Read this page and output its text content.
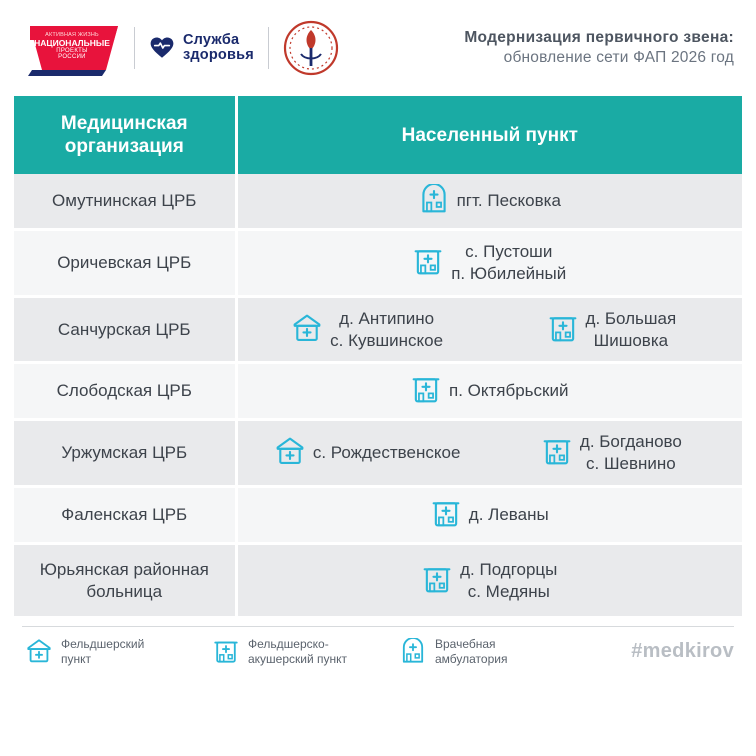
АКТИВНАЯ ЖИЗНЬ
НАЦИОНАЛЬНЫЕ
ПРОЕКТЫ
РОССИИ
Служба
здоровья
Модернизация первичного звена:
обновление сети ФАП 2026 год
Медицинская организация	Населенный пункт
Омутнинская ЦРБ	пгт. Песковка

Оричевская ЦРБ	с. Пустоши
п. Юбилейный

Санчурская ЦРБ	д. Антипино
с. Кувшинское
д. Большая
Шишовка

Слободская ЦРБ	п. Октябрьский

Уржумская ЦРБ	с. Рождественское
д. Богданово
с. Шевнино

Фаленская ЦРБ	д. Леваны

Юрьянская районная больница	д. Подгорцы
с. Медяны
Фельдшерский пункт
Фельдшерско-акушерский пункт
Врачебная амбулатория	#medkirov
